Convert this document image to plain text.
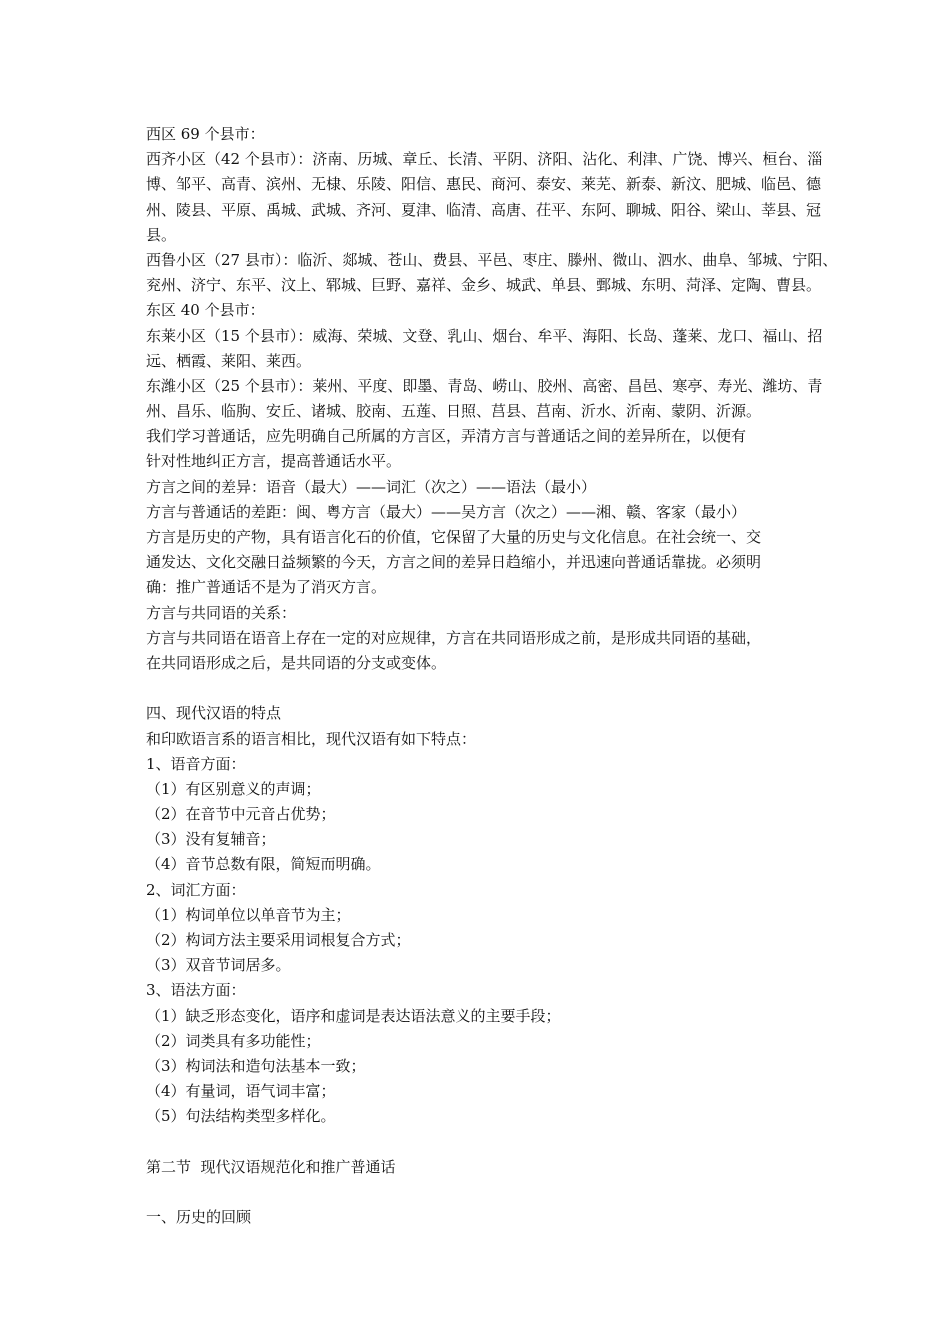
西区 69 个县市：
西齐小区（42 个县市）：济南、历城、章丘、长清、平阴、济阳、沾化、利津、广饶、博兴、桓台、淄
博、邹平、高青、滨州、无棣、乐陵、阳信、惠民、商河、泰安、莱芜、新泰、新汶、肥城、临邑、德
州、陵县、平原、禹城、武城、齐河、夏津、临清、高唐、茌平、东阿、聊城、阳谷、梁山、莘县、冠
县。
西鲁小区（27 县市）：临沂、郯城、苍山、费县、平邑、枣庄、滕州、微山、泗水、曲阜、邹城、宁阳、
兖州、济宁、东平、汶上、郓城、巨野、嘉祥、金乡、城武、单县、鄄城、东明、菏泽、定陶、曹县。
东区 40 个县市：
东莱小区（15 个县市）：威海、荣城、文登、乳山、烟台、牟平、海阳、长岛、蓬莱、龙口、福山、招
远、栖霞、莱阳、莱西。
东潍小区（25 个县市）：莱州、平度、即墨、青岛、崂山、胶州、高密、昌邑、寒亭、寿光、潍坊、青
州、昌乐、临朐、安丘、诸城、胶南、五莲、日照、莒县、莒南、沂水、沂南、蒙阴、沂源。
我们学习普通话，应先明确自己所属的方言区，弄清方言与普通话之间的差异所在，以便有
针对性地纠正方言，提高普通话水平。
方言之间的差异：语音（最大）——词汇（次之）——语法（最小）
方言与普通话的差距：闽、粤方言（最大）——吴方言（次之）——湘、赣、客家（最小）
方言是历史的产物，具有语言化石的价值，它保留了大量的历史与文化信息。在社会统一、交
通发达、文化交融日益频繁的今天，方言之间的差异日趋缩小，并迅速向普通话靠拢。必须明
确：推广普通话不是为了消灭方言。
方言与共同语的关系：
方言与共同语在语音上存在一定的对应规律，方言在共同语形成之前，是形成共同语的基础，
在共同语形成之后，是共同语的分支或变体。
四、现代汉语的特点
和印欧语言系的语言相比，现代汉语有如下特点：
1、语音方面：
（1）有区别意义的声调；
（2）在音节中元音占优势；
（3）没有复辅音；
（4）音节总数有限，简短而明确。
2、词汇方面：
（1）构词单位以单音节为主；
（2）构词方法主要采用词根复合方式；
（3）双音节词居多。
3、语法方面：
（1）缺乏形态变化，语序和虚词是表达语法意义的主要手段；
（2）词类具有多功能性；
（3）构词法和造句法基本一致；
（4）有量词，语气词丰富；
（5）句法结构类型多样化。
第二节  现代汉语规范化和推广普通话
一、历史的回顾
